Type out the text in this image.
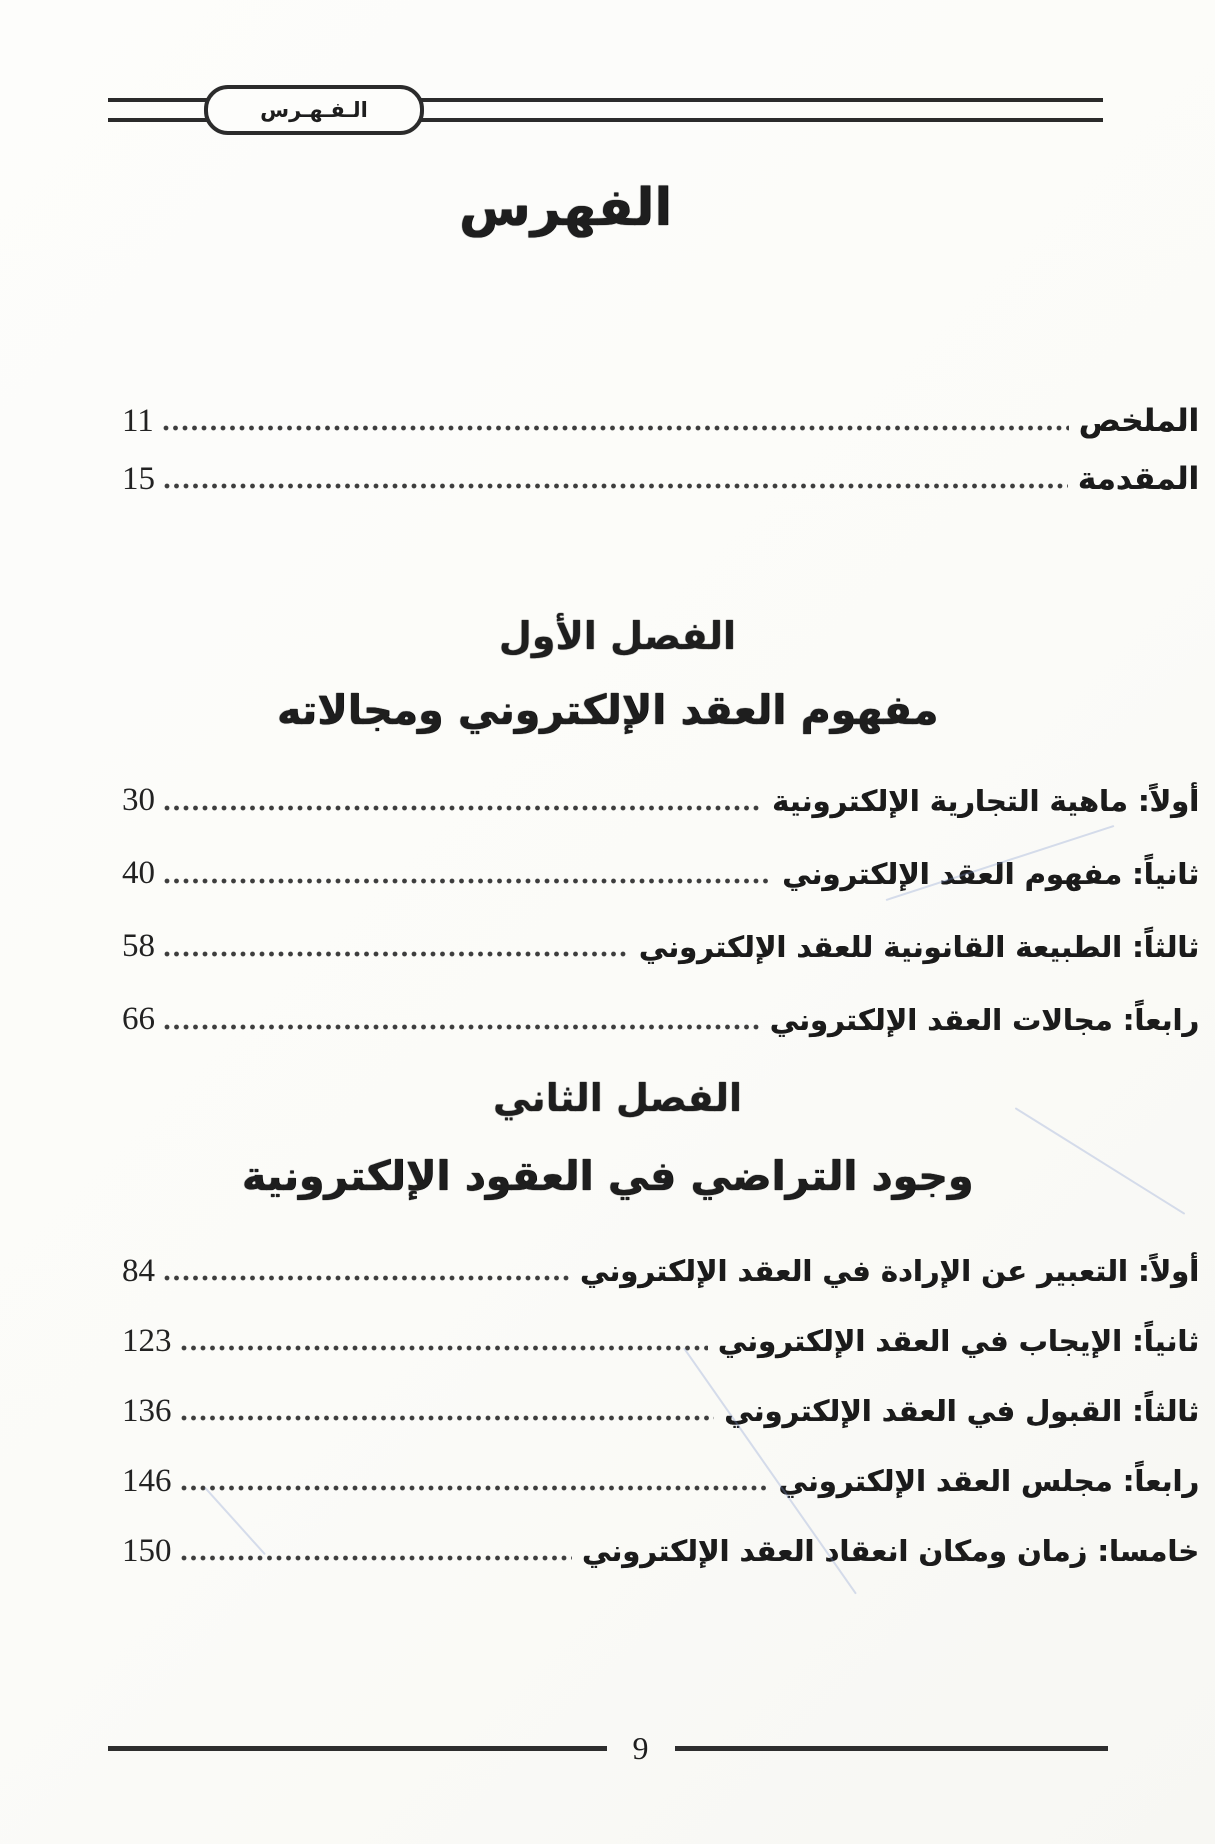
الـفـهـرس
الفهرس
الملخص
11
المقدمة
15
الفصل الأول
مفهوم العقد الإلكتروني ومجالاته
أولاً: ماهية التجارية الإلكترونية
30
ثانياً: مفهوم العقد الإلكتروني
40
ثالثاً: الطبيعة القانونية للعقد الإلكتروني
58
رابعاً: مجالات العقد الإلكتروني
66
الفصل الثاني
وجود التراضي في العقود الإلكترونية
أولاً: التعبير عن الإرادة في العقد الإلكتروني
84
ثانياً: الإيجاب في العقد الإلكتروني
123
ثالثاً: القبول في العقد الإلكتروني
136
رابعاً: مجلس العقد الإلكتروني
146
خامسا: زمان ومكان انعقاد العقد الإلكتروني
150
9
